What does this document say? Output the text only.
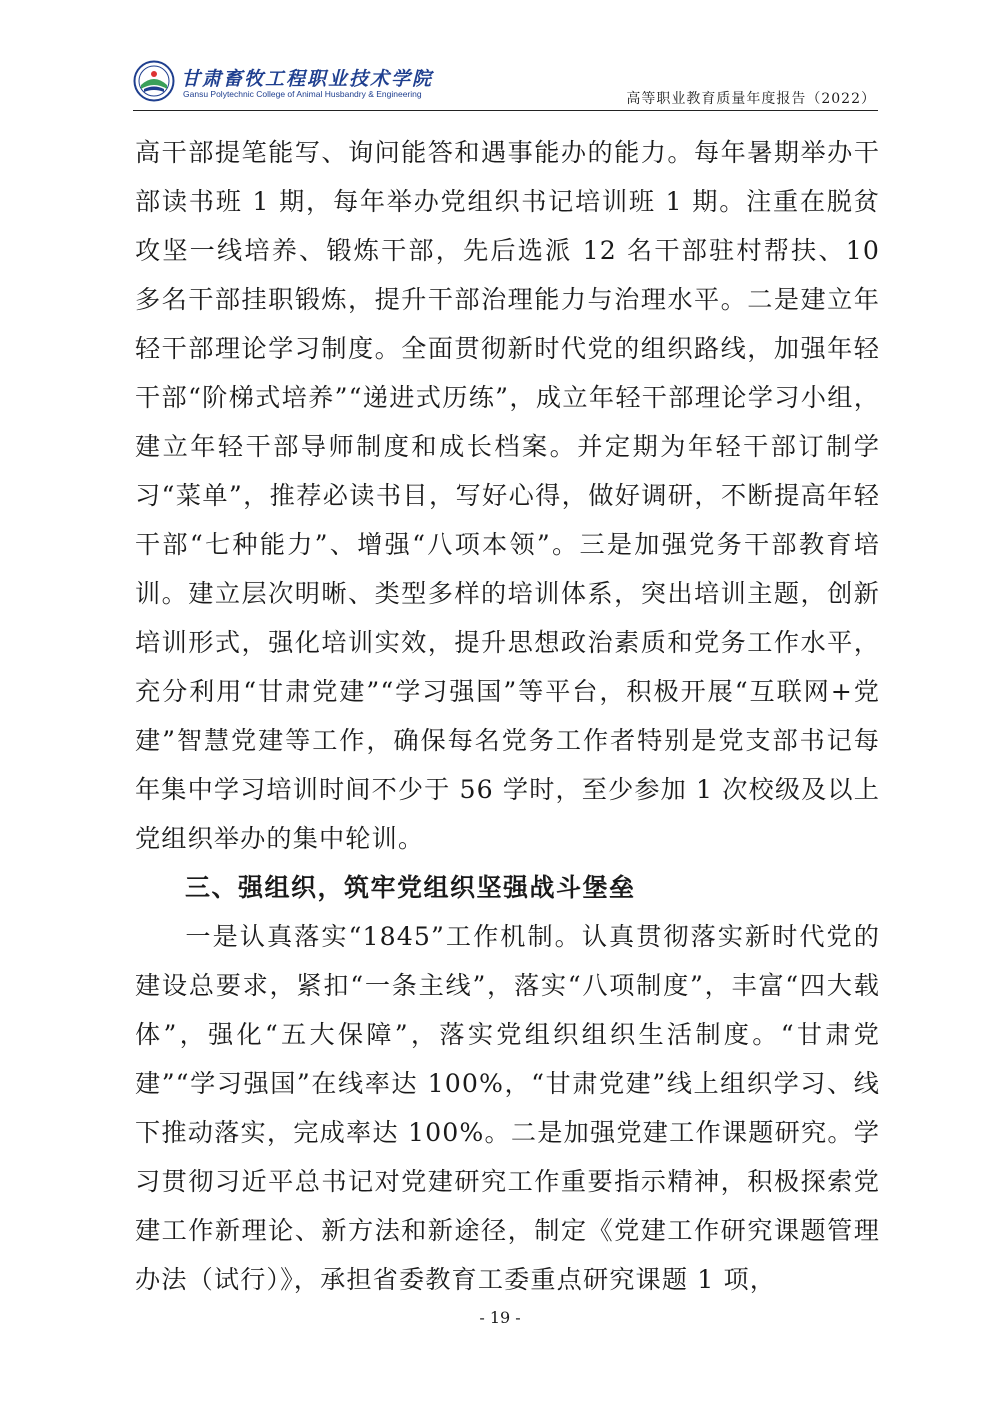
甘肃畜牧工程职业技术学院
Gansu Polytechnic College of Animal Husbandry & Engineering	高等职业教育质量年度报告（2022）

高干部提笔能写、询问能答和遇事能办的能力。每年暑期举办干部读书班 1 期，每年举办党组织书记培训班 1 期。注重在脱贫攻坚一线培养、锻炼干部，先后选派 12 名干部驻村帮扶、10 多名干部挂职锻炼，提升干部治理能力与治理水平。二是建立年轻干部理论学习制度。全面贯彻新时代党的组织路线，加强年轻干部“阶梯式培养”“递进式历练”，成立年轻干部理论学习小组，建立年轻干部导师制度和成长档案。并定期为年轻干部订制学习“菜单”，推荐必读书目，写好心得，做好调研，不断提高年轻干部“七种能力”、增强“八项本领”。三是加强党务干部教育培训。建立层次明晰、类型多样的培训体系，突出培训主题，创新培训形式，强化培训实效，提升思想政治素质和党务工作水平，充分利用“甘肃党建”“学习强国”等平台，积极开展“互联网+党建”智慧党建等工作，确保每名党务工作者特别是党支部书记每年集中学习培训时间不少于 56 学时，至少参加 1 次校级及以上党组织举办的集中轮训。

三、强组织，筑牢党组织坚强战斗堡垒

一是认真落实“1845”工作机制。认真贯彻落实新时代党的建设总要求，紧扣“一条主线”，落实“八项制度”，丰富“四大载体”，强化“五大保障”，落实党组织组织生活制度。“甘肃党建”“学习强国”在线率达 100%，“甘肃党建”线上组织学习、线下推动落实，完成率达 100%。二是加强党建工作课题研究。学习贯彻习近平总书记对党建研究工作重要指示精神，积极探索党建工作新理论、新方法和新途径，制定《党建工作研究课题管理办法（试行）》，承担省委教育工委重点研究课题 1 项，

- 19 -
